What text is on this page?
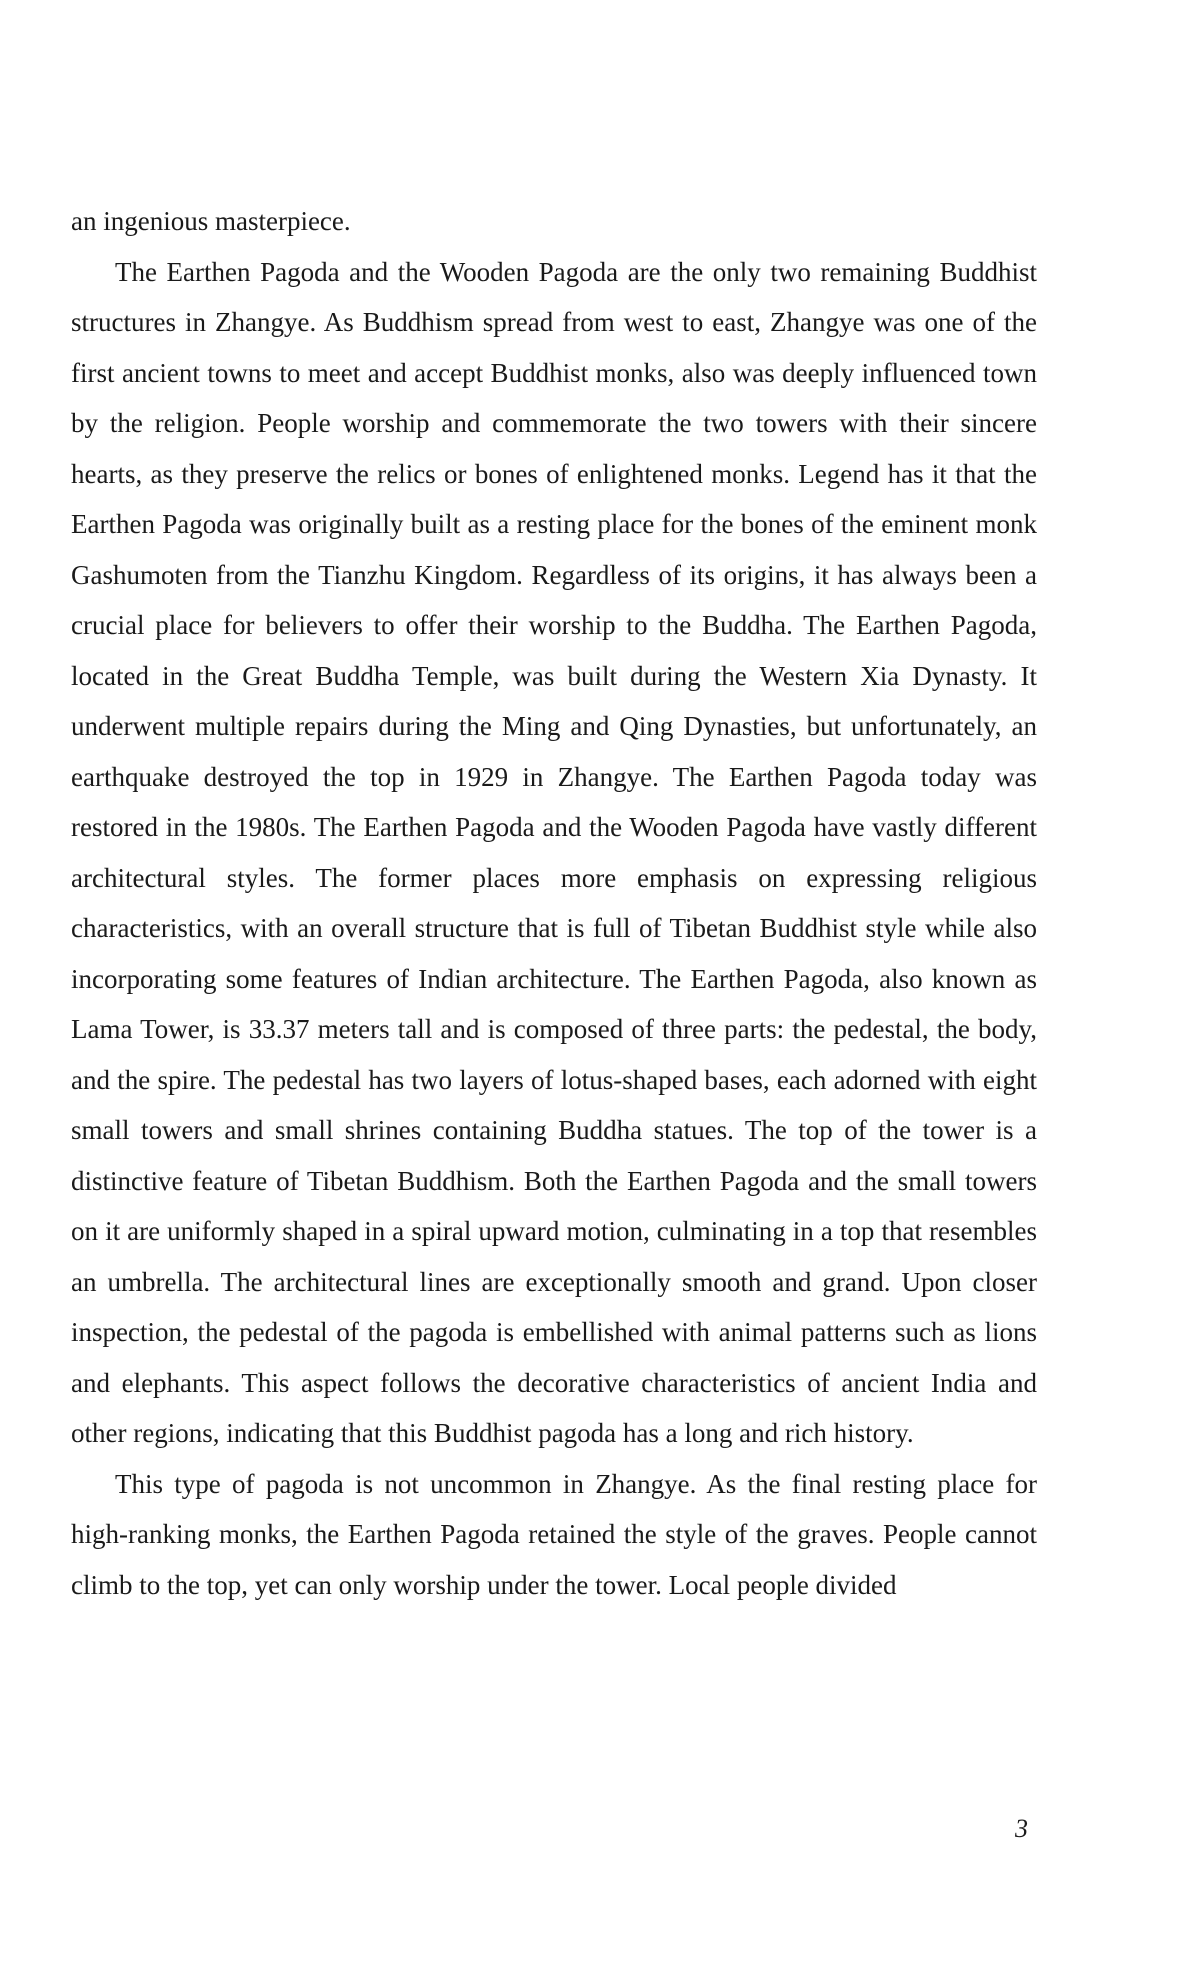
an ingenious masterpiece.

The Earthen Pagoda and the Wooden Pagoda are the only two remaining Buddhist structures in Zhangye. As Buddhism spread from west to east, Zhangye was one of the first ancient towns to meet and accept Buddhist monks, also was deeply influenced town by the religion. People worship and commemorate the two towers with their sincere hearts, as they preserve the relics or bones of enlightened monks. Legend has it that the Earthen Pagoda was originally built as a resting place for the bones of the eminent monk Gashumoten from the Tianzhu Kingdom. Regardless of its origins, it has always been a crucial place for believers to offer their worship to the Buddha. The Earthen Pagoda, located in the Great Buddha Temple, was built during the Western Xia Dynasty. It underwent multiple repairs during the Ming and Qing Dynasties, but unfortunately, an earthquake destroyed the top in 1929 in Zhangye. The Earthen Pagoda today was restored in the 1980s. The Earthen Pagoda and the Wooden Pagoda have vastly different architectural styles. The former places more emphasis on expressing religious characteristics, with an overall structure that is full of Tibetan Buddhist style while also incorporating some features of Indian architecture. The Earthen Pagoda, also known as Lama Tower, is 33.37 meters tall and is composed of three parts: the pedestal, the body, and the spire. The pedestal has two layers of lotus-shaped bases, each adorned with eight small towers and small shrines containing Buddha statues. The top of the tower is a distinctive feature of Tibetan Buddhism. Both the Earthen Pagoda and the small towers on it are uniformly shaped in a spiral upward motion, culminating in a top that resembles an umbrella. The architectural lines are exceptionally smooth and grand. Upon closer inspection, the pedestal of the pagoda is embellished with animal patterns such as lions and elephants. This aspect follows the decorative characteristics of ancient India and other regions, indicating that this Buddhist pagoda has a long and rich history.

This type of pagoda is not uncommon in Zhangye. As the final resting place for high-ranking monks, the Earthen Pagoda retained the style of the graves. People cannot climb to the top, yet can only worship under the tower. Local people divided

3
